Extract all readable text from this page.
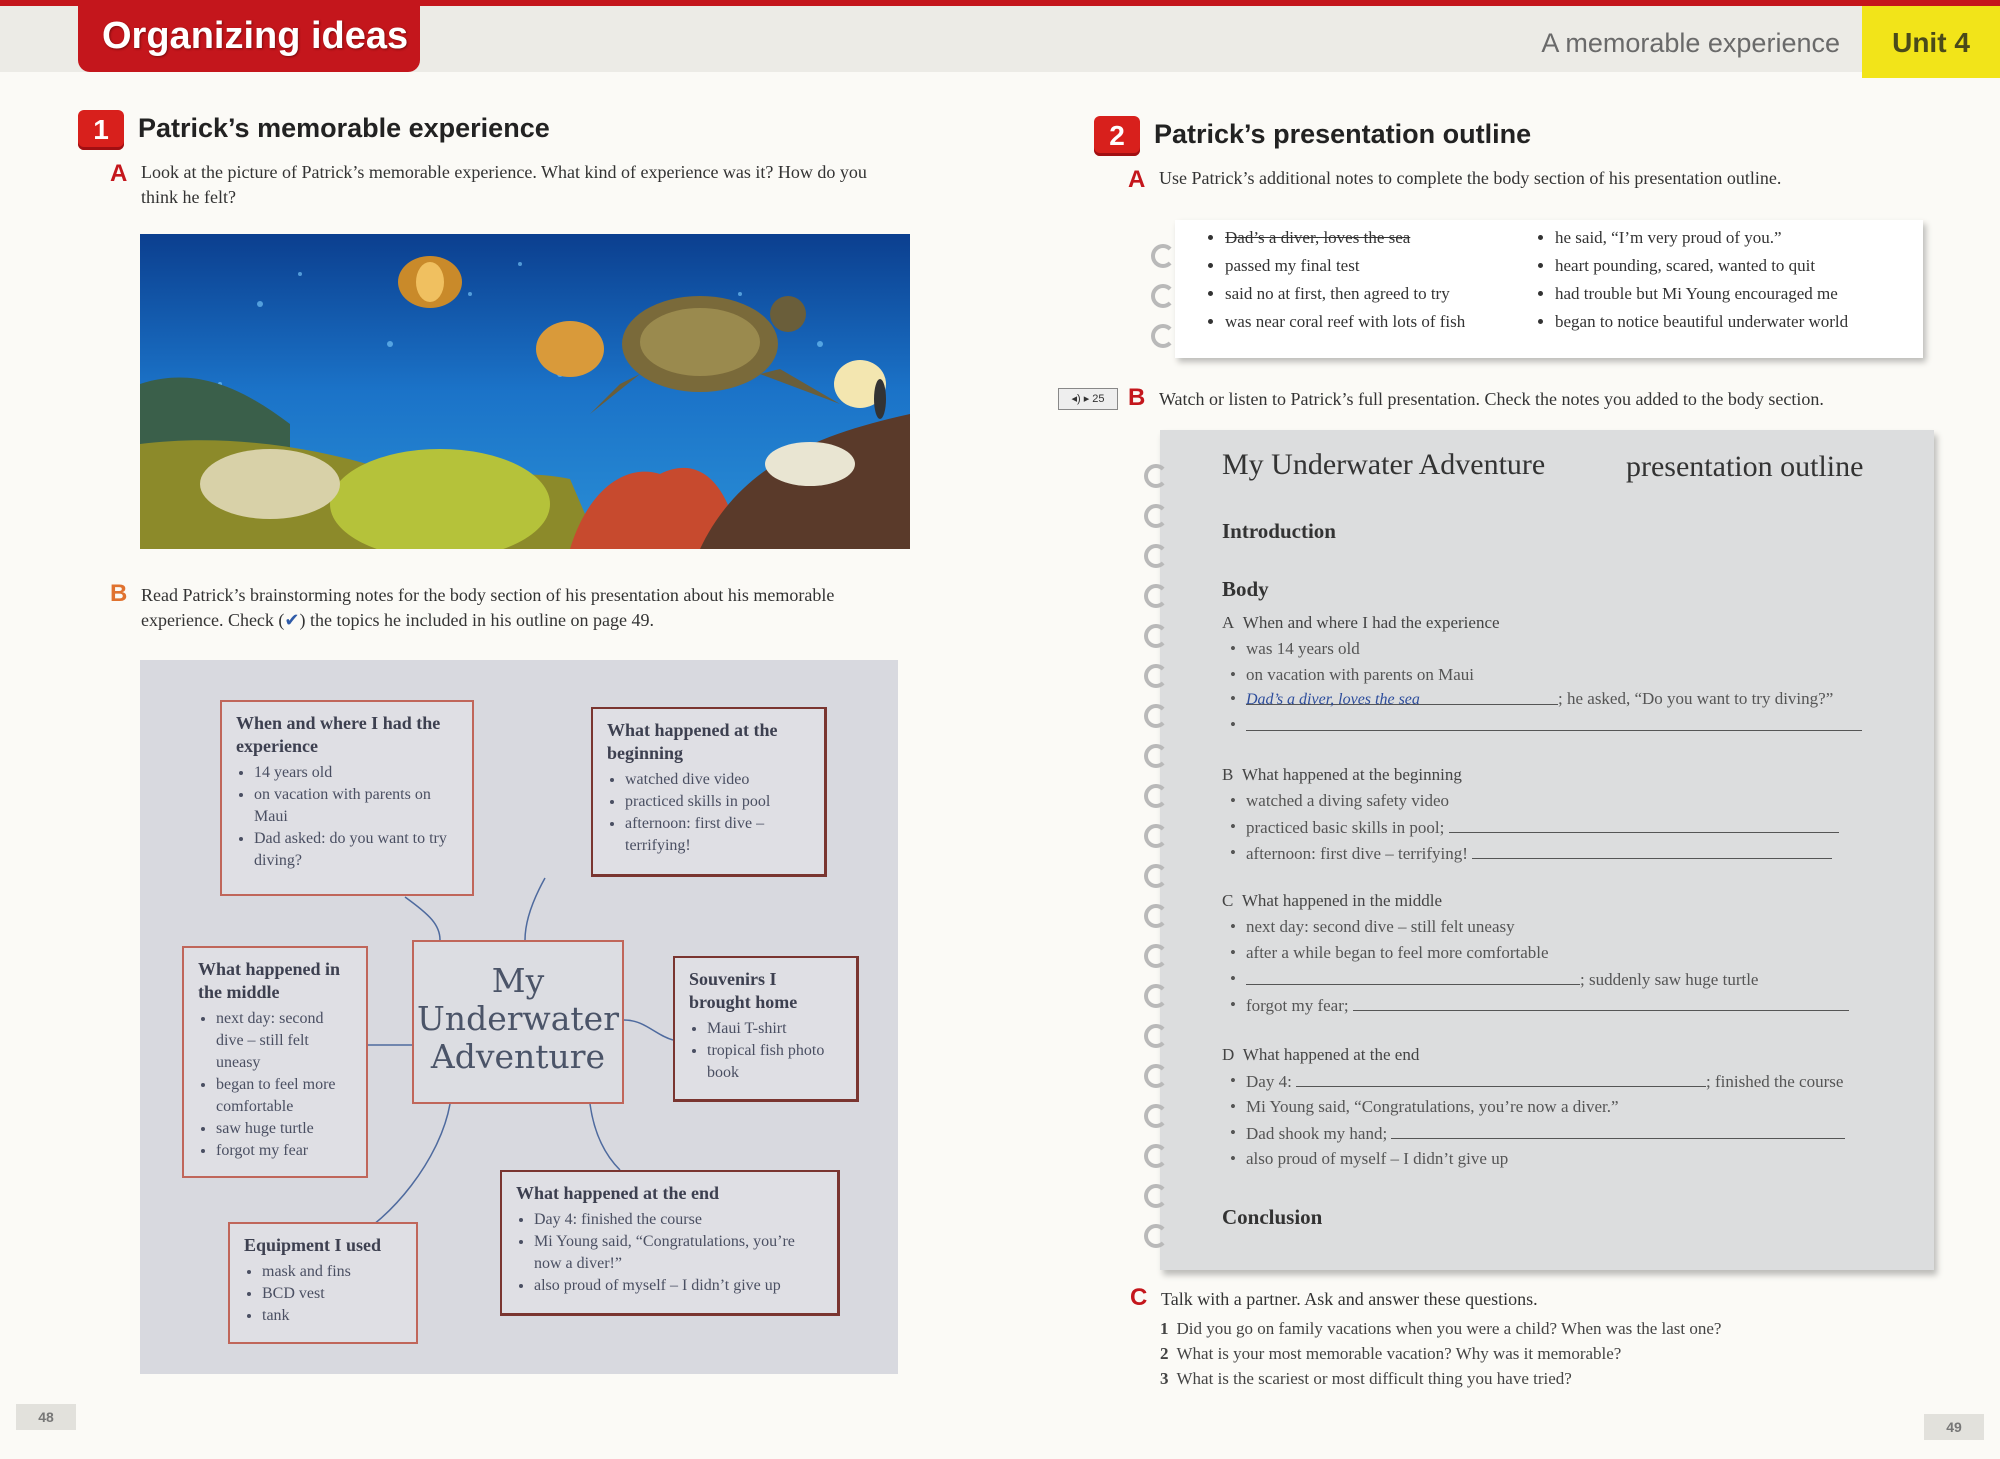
Organizing ideas	A memorable experience	Unit 4
1 Patrick’s memorable experience
A Look at the picture of Patrick’s memorable experience. What kind of experience was it? How do you think he felt?
B Read Patrick’s brainstorming notes for the body section of his presentation about his memorable experience. Check (✔) the topics he included in his outline on page 49.
My
Underwater
Adventure
When and where I had the experience
• 14 years old
• on vacation with parents on Maui
• Dad asked: do you want to try diving?
What happened at the beginning
• watched dive video
• practiced skills in pool
• afternoon: first dive – terrifying!
What happened in the middle
• next day: second dive – still felt uneasy
• began to feel more comfortable
• saw huge turtle
• forgot my fear
Souvenirs I brought home
• Maui T-shirt
• tropical fish photo book
What happened at the end
• Day 4: finished the course
• Mi Young said, “Congratulations, you’re now a diver!”
• also proud of myself – I didn’t give up
Equipment I used
• mask and fins
• BCD vest
• tank
2 Patrick’s presentation outline
A Use Patrick’s additional notes to complete the body section of his presentation outline.
• Dad’s a diver, loves the sea
• passed my final test
• said no at first, then agreed to try
• was near coral reef with lots of fish
• he said, “I’m very proud of you.”
• heart pounding, scared, wanted to quit
• had trouble but Mi Young encouraged me
• began to notice beautiful underwater world
◂) ▸ 25 B Watch or listen to Patrick’s full presentation. Check the notes you added to the body section.
My Underwater Adventure	presentation outline
Introduction
Body
A When and where I had the experience
• was 14 years old
• on vacation with parents on Maui
• Dad’s a diver, loves the sea	; he asked, “Do you want to try diving?”
•
B What happened at the beginning
• watched a diving safety video
• practiced basic skills in pool;
• afternoon: first dive – terrifying!
C What happened in the middle
• next day: second dive – still felt uneasy
• after a while began to feel more comfortable
• ; suddenly saw huge turtle
• forgot my fear;
D What happened at the end
• Day 4:	; finished the course
• Mi Young said, “Congratulations, you’re now a diver.”
• Dad shook my hand;
• also proud of myself – I didn’t give up
Conclusion
C Talk with a partner. Ask and answer these questions.
1 Did you go on family vacations when you were a child? When was the last one?
2 What is your most memorable vacation? Why was it memorable?
3 What is the scariest or most difficult thing you have tried?
48
49
